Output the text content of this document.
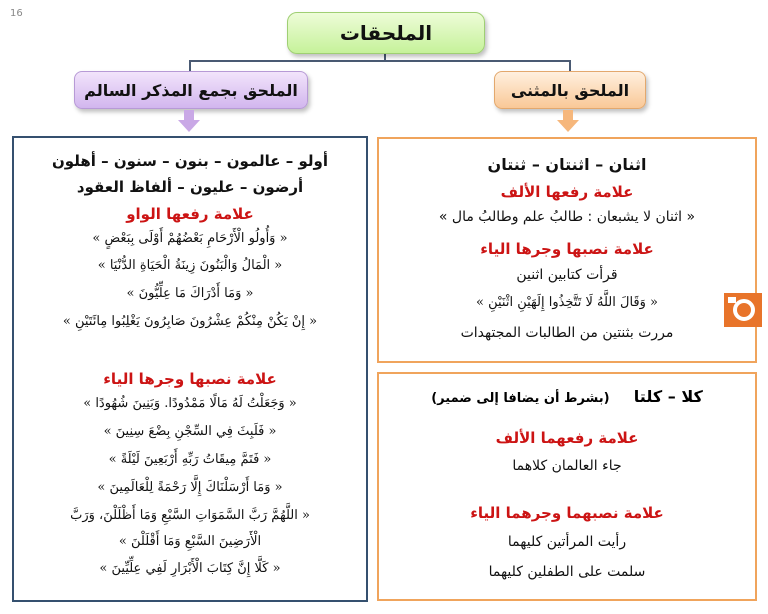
16
الملحقات
الملحق بجمع المذكر السالم	الملحق بالمثنى
أولو – عالمون – بنون – سنون – أهلون
أرضون – عليون – ألفاظ العقود
علامة رفعها الواو
« وَأُولُو الْأَرْحَامِ بَعْضُهُمْ أَوْلَى بِبَعْضٍ »
« الْمَالُ وَالْبَنُونَ زِينَةُ الْحَيَاةِ الدُّنْيَا »
« وَمَا أَدْرَاكَ مَا عِلِّيُّونَ »
« إِنْ يَكُنْ مِنْكُمْ عِشْرُونَ صَابِرُونَ يَغْلِبُوا مِائَتَيْنِ »
علامة نصبها وجرها الياء
« وَجَعَلْتُ لَهُ مَالًا مَمْدُودًا. وَبَنِينَ شُهُودًا »
« فَلَبِثَ فِي السِّجْنِ بِضْعَ سِنِينَ »
« فَتَمَّ مِيقَاتُ رَبِّهِ أَرْبَعِينَ لَيْلَةً »
« وَمَا أَرْسَلْنَاكَ إِلَّا رَحْمَةً لِلْعَالَمِينَ »
« اللَّهُمَّ رَبَّ السَّمَوَاتِ السَّبْعِ وَمَا أَظْلَلْنَ، وَرَبَّ
الْأَرَضِينَ السَّبْعِ وَمَا أَقْلَلْنَ »
« كَلَّا إِنَّ كِتَابَ الْأَبْرَارِ لَفِي عِلِّيِّينَ »
اثنان – اثنتان – ثنتان
علامة رفعها الألف
« اثنان لا يشبعان : طالبُ علم وطالبُ مال »
علامة نصبها وجرها الياء
قرأت كتابين اثنين
« وَقَالَ اللَّهُ لَا تَتَّخِذُوا إِلَهَيْنِ اثْنَيْنِ »
مررت بثنتين من الطالبات المجتهدات
كلا – كلتا  (بشرط أن يضافا إلى ضمير)
علامة رفعهما الألف
جاء العالمان كلاهما
علامة نصبهما وجرهما الياء
رأيت المرأتين كليهما
سلمت على الطفلين كليهما
